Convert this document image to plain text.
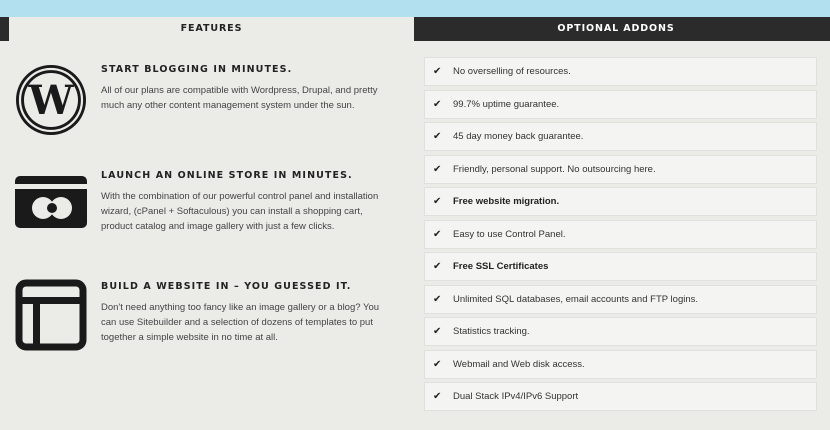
FEATURES	OPTIONAL ADDONS
W
START BLOGGING IN MINUTES.

All of our plans are compatible with Wordpress, Drupal, and pretty much any other content management system under the sun.

LAUNCH AN ONLINE STORE IN MINUTES.

With the combination of our powerful control panel and installation wizard, (cPanel + Softaculous) you can install a shopping cart, product catalog and image gallery with just a few clicks.

BUILD A WEBSITE IN – YOU GUESSED IT.

Don't need anything too fancy like an image gallery or a blog? You can use Sitebuilder and a selection of dozens of templates to put together a simple website in no time at all.

✔ No overselling of resources.
✔ 99.7% uptime guarantee.
✔ 45 day money back guarantee.
✔ Friendly, personal support. No outsourcing here.
✔ Free website migration.
✔ Easy to use Control Panel.
✔ Free SSL Certificates
✔ Unlimited SQL databases, email accounts and FTP logins.
✔ Statistics tracking.
✔ Webmail and Web disk access.
✔ Dual Stack IPv4/IPv6 Support
